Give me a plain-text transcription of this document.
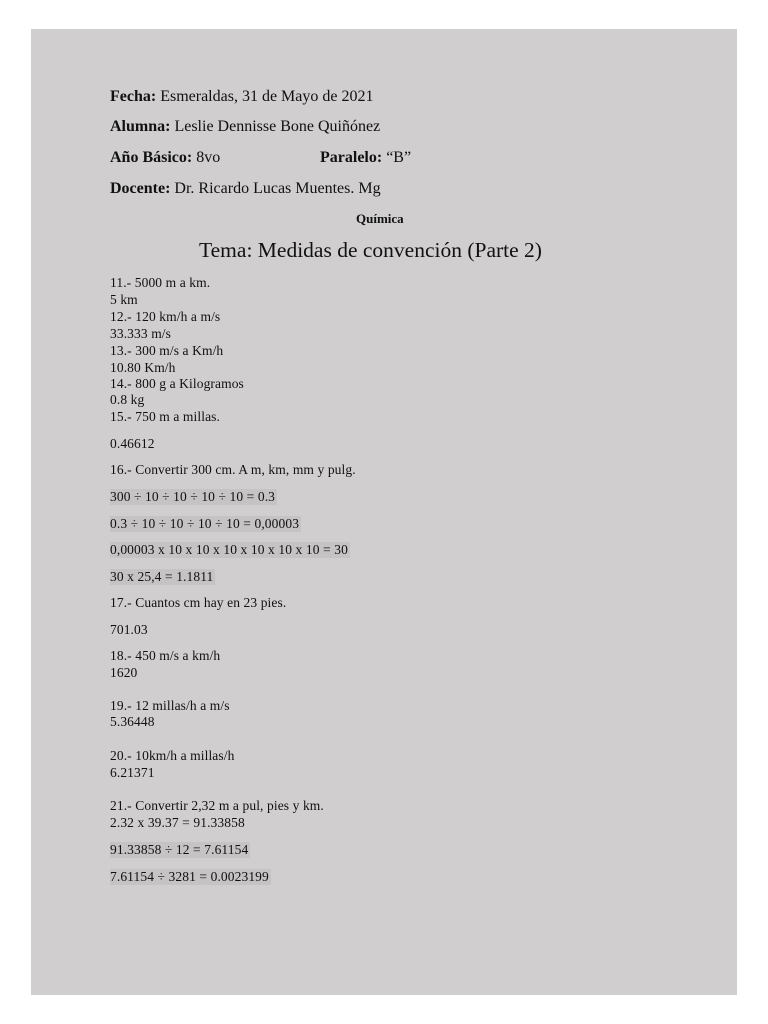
Fecha: Esmeraldas, 31 de Mayo de 2021
Alumna: Leslie Dennisse Bone Quiñónez
Año Básico: 8vo	Paralelo: “B”
Docente: Dr. Ricardo Lucas Muentes. Mg
Química
Tema: Medidas de convención (Parte 2)
11.- 5000 m a km.
5 km
12.- 120 km/h a m/s
33.333 m/s
13.- 300 m/s a Km/h
10.80 Km/h
14.- 800 g a Kilogramos
0.8 kg
15.- 750 m a millas.
0.46612
16.- Convertir 300 cm. A m, km, mm y pulg.
300 ÷ 10 ÷ 10 ÷ 10 ÷ 10 = 0.3
0.3 ÷ 10 ÷ 10 ÷ 10 ÷ 10 = 0,00003
0,00003 x 10 x 10 x 10 x 10 x 10 x 10 = 30
30 x 25,4 = 1.1811
17.- Cuantos cm hay en 23 pies.
701.03
18.- 450 m/s a km/h
1620
19.- 12 millas/h a m/s
5.36448
20.- 10km/h a millas/h
6.21371
21.- Convertir 2,32 m a pul, pies y km.
2.32 x 39.37 = 91.33858
91.33858 ÷ 12 = 7.61154
7.61154 ÷ 3281 = 0.0023199
